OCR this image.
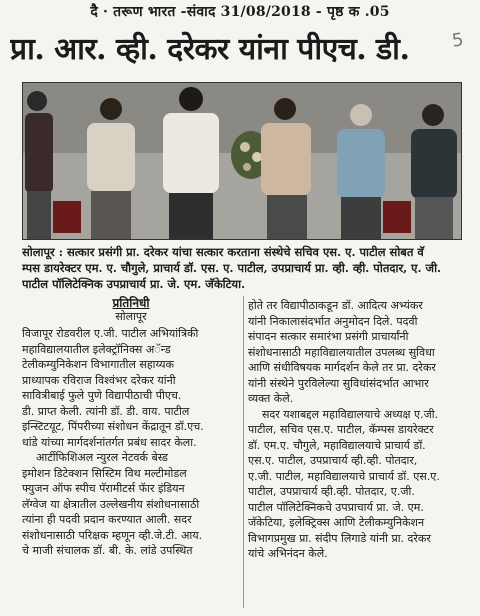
दै · तरूण भारत -संवाद 31/08/2018 - पृष्ठ क .05
प्रा. आर. व्ही. दरेकर यांना पीएच. डी.	5
सोलापूर : सत्कार प्रसंगी प्रा. दरेकर यांचा सत्कार करताना संस्थेचे सचिव एस. ए. पाटील सोबत वॅ
म्पस डायरेक्टर एम. ए. चौगुले, प्राचार्य डॉ. एस. ए. पाटील, उपप्राचार्य प्रा. व्ही. व्ही. पोतदार, ए. जी.
पाटील पॉलिटेक्निक उपप्राचार्य प्रा. जे. एम. जॅकेटिया.
प्रतिनिधी
सोलापूर
विजापूर रोडवरील ए.जी. पाटील अभियांत्रिकी
महाविद्यालयातील इलेक्ट्रॉनिक्स अॅन्ड
टेलीकम्युनिकेशन विभागातील सहाय्यक
प्राध्यापक रविराज विश्वंभर दरेकर यांनी
सावित्रीबाई फुले पुणे विद्यापीठाची पीएच.
डी. प्राप्त केली. त्यांनी डॉ. डी. वाय. पाटील
इन्स्टिटयूट, पिंपरीच्या संशोधन केंद्रातून डॉ.एच.
धांडे यांच्या मार्गदर्शनांतर्गत प्रबंध सादर केला.
आर्टीफिशिअल न्युरल नेटवर्क बेस्ड
इमोशन डिटेक्शन सिस्टिम विथ मल्टीमोडल
फ्युजन ऑफ स्पीच पॅरामीटर्स फॅार इंडियन
लॅग्वेज या क्षेत्रातील उल्लेखनीय संशोधनासाठी
त्यांना ही पदवी प्रदान करण्यात आली. सदर
संशोधनासाठी परिक्षक म्हणून व्ही.जे.टी. आय.
चे माजी संचालक डॉ. बी. के. लांडे उपस्थित
होते तर विद्यापीठाकडून डॉ. आदित्य अभ्यंकर
यांनी निकालासंदर्भात अनुमोदन दिले. पदवी
संपादन सत्कार समारंभा प्रसंगी प्राचार्यांनी
संशोधनासाठी महाविद्यालयातील उपलब्ध सुविधा
आणि संधीविषयक मार्गदर्शन केले तर प्रा. दरेकर
यांनी संस्थेने पुरविलेल्या सुविधांसंदर्भात आभार
व्यक्त केले.
सदर यशाबद्दल महाविद्यालयाचे अध्यक्ष ए.जी.
पाटील, सचिव एस.ए. पाटील, कॅम्पस डायरेक्टर
डॉ. एम.ए. चौगुले, महाविद्यालयाचे प्राचार्य डॉ.
एस.ए. पाटील, उपप्राचार्य व्ही.व्ही. पोतदार,
ए.जी. पाटील, महाविद्यालयाचे प्राचार्य डॉ. एस.ए.
पाटील, उपप्राचार्य व्ही.व्ही. पोतदार, ए.जी.
पाटील पॉलिटेक्निकचे उपप्राचार्य प्रा. जे. एम.
जॅकेटिया, इलेक्ट्रिक्स आणि टेलीकम्युनिकेशन
विभागप्रमुख प्रा. संदीप लिगाडे यांनी प्रा. दरेकर
यांचे अभिनंदन केले.
